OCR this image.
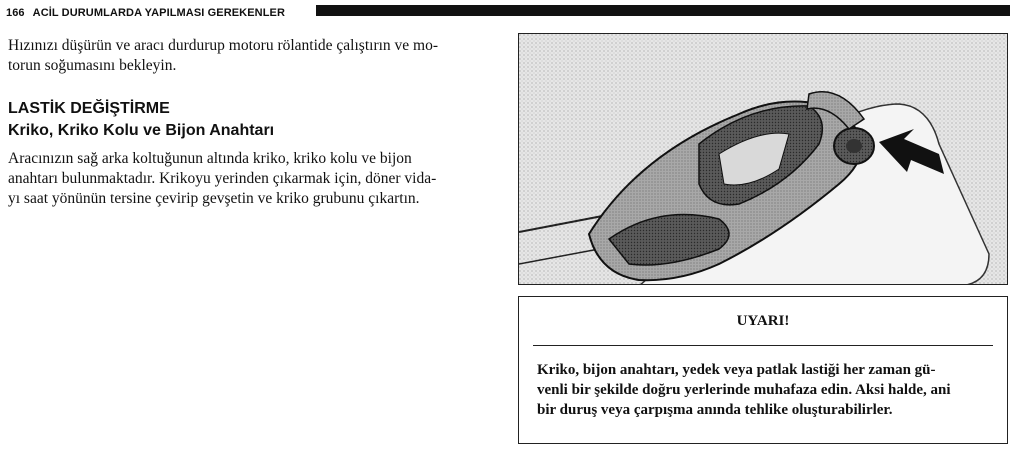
166 ACİL DURUMLARDA YAPILMASI GEREKENLER

Hızınızı düşürün ve aracı durdurup motoru rölantide çalıştırın ve mo-
torun soğumasını bekleyin.

LASTİK DEĞİŞTİRME
Kriko, Kriko Kolu ve Bijon Anahtarı

Aracınızın sağ arka koltuğunun altında kriko, kriko kolu ve bijon
anahtarı bulunmaktadır. Krikoyu yerinden çıkarmak için, döner vida-
yı saat yönünün tersine çevirip gevşetin ve kriko grubunu çıkartın.

UYARI!
Kriko, bijon anahtarı, yedek veya patlak lastiği her zaman gü-
venli bir şekilde doğru yerlerinde muhafaza edin. Aksi halde, ani
bir duruş veya çarpışma anında tehlike oluşturabilirler.
